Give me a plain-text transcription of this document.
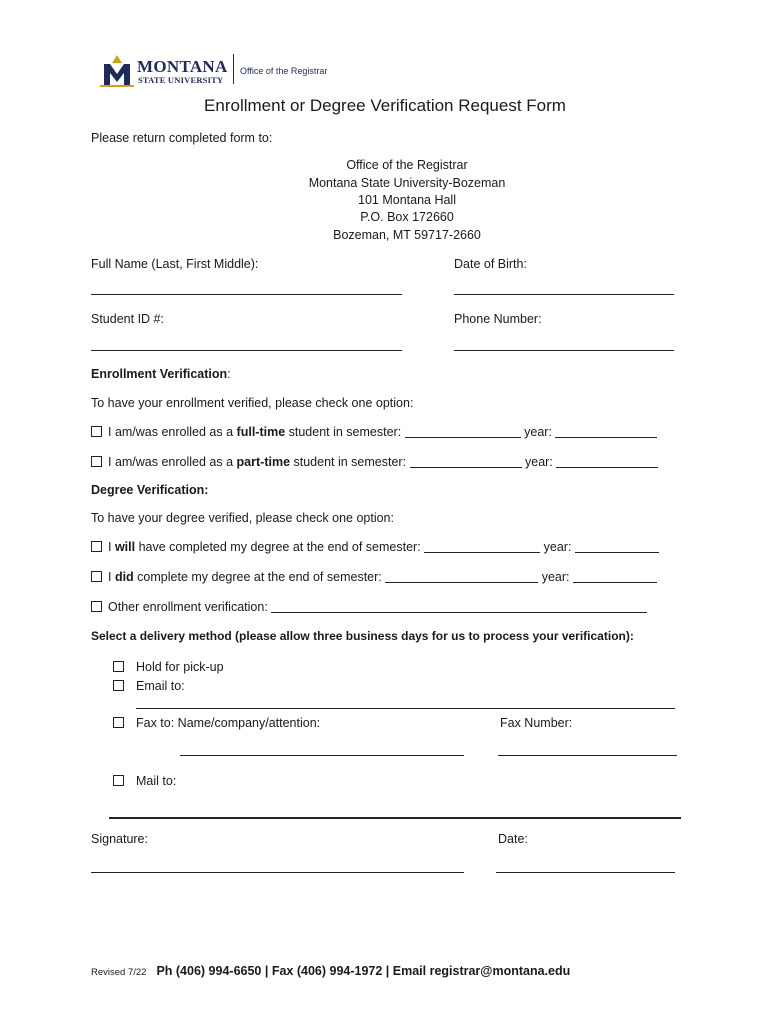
MONTANA
STATE UNIVERSITY
Office of the Registrar
Enrollment or Degree Verification Request Form
Please return completed form to:
Office of the Registrar
Montana State University-Bozeman
101 Montana Hall
P.O. Box 172660
Bozeman, MT 59717-2660
Full Name (Last, First Middle):	Date of Birth:
Student ID #:	Phone Number:
Enrollment Verification:
To have your enrollment verified, please check one option:
I am/was enrolled as a full-time student in semester:	year:
I am/was enrolled as a part-time student in semester:	year:
Degree Verification:
To have your degree verified, please check one option:
I will have completed my degree at the end of semester:	year:
I did complete my degree at the end of semester:	year:
Other enrollment verification:
Select a delivery method (please allow three business days for us to process your verification):
Hold for pick-up
Email to:
Fax to: Name/company/attention:	Fax Number:
Mail to:
Signature:	Date:
Revised 7/22 Ph (406) 994-6650 | Fax (406) 994-1972 | Email registrar@montana.edu
